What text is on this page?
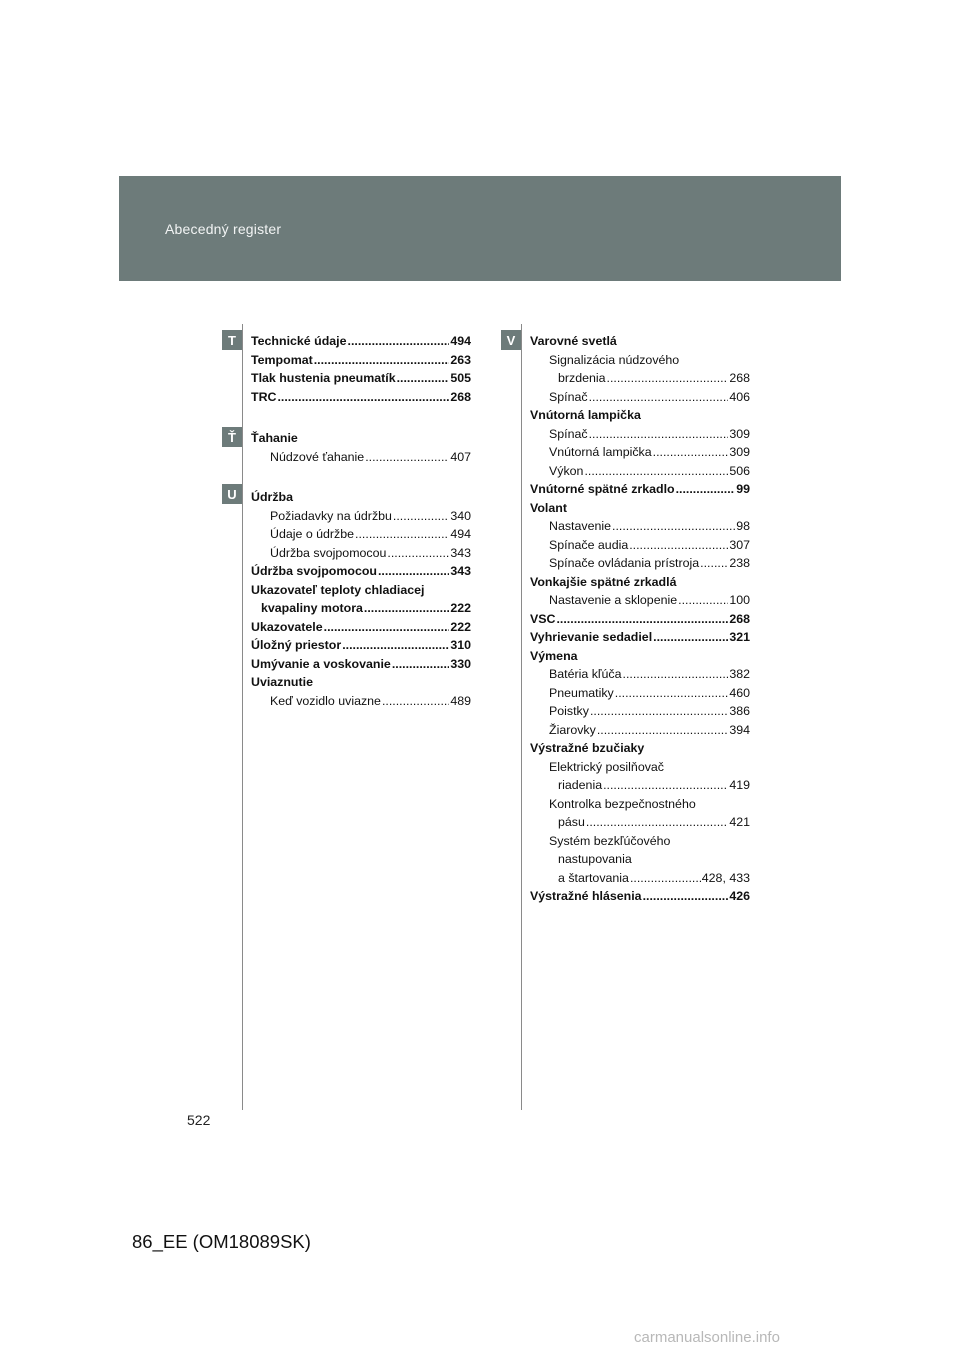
Abecedný register
T
Ť
U
V
Technické údaje .....	494
Tempomat .....	263
Tlak hustenia pneumatík .....	505
TRC .....	268
Ťahanie
Núdzové ťahanie .....	407
Údržba
Požiadavky na údržbu .....	340
Údaje o údržbe .....	494
Údržba svojpomocou .....	343
Údržba svojpomocou .....	343
Ukazovateľ teploty chladiacej
kvapaliny motora .....	222
Ukazovatele .....	222
Úložný priestor .....	310
Umývanie a voskovanie .....	330
Uviaznutie
Keď vozidlo uviazne .....	489
Varovné svetlá
Signalizácia núdzového
brzdenia .....	268
Spínač .....	406
Vnútorná lampička
Spínač .....	309
Vnútorná lampička .....	309
Výkon .....	506
Vnútorné spätné zrkadlo .....	99
Volant
Nastavenie .....	98
Spínače audia .....	307
Spínače ovládania prístroja ..... 238
Vonkajšie spätné zrkadlá
Nastavenie a sklopenie .....	100
VSC .....	268
Vyhrievanie sedadiel .....	321
Výmena
Batéria kľúča .....	382
Pneumatiky .....	460
Poistky .....	386
Žiarovky .....	394
Výstražné bzučiaky
Elektrický posilňovač
riadenia .....	419
Kontrolka bezpečnostného
pásu .....	421
Systém bezkľúčového
nastupovania
a štartovania .....	428, 433
Výstražné hlásenia .....	426
522
86_EE (OM18089SK)
carmanualsonline.info
